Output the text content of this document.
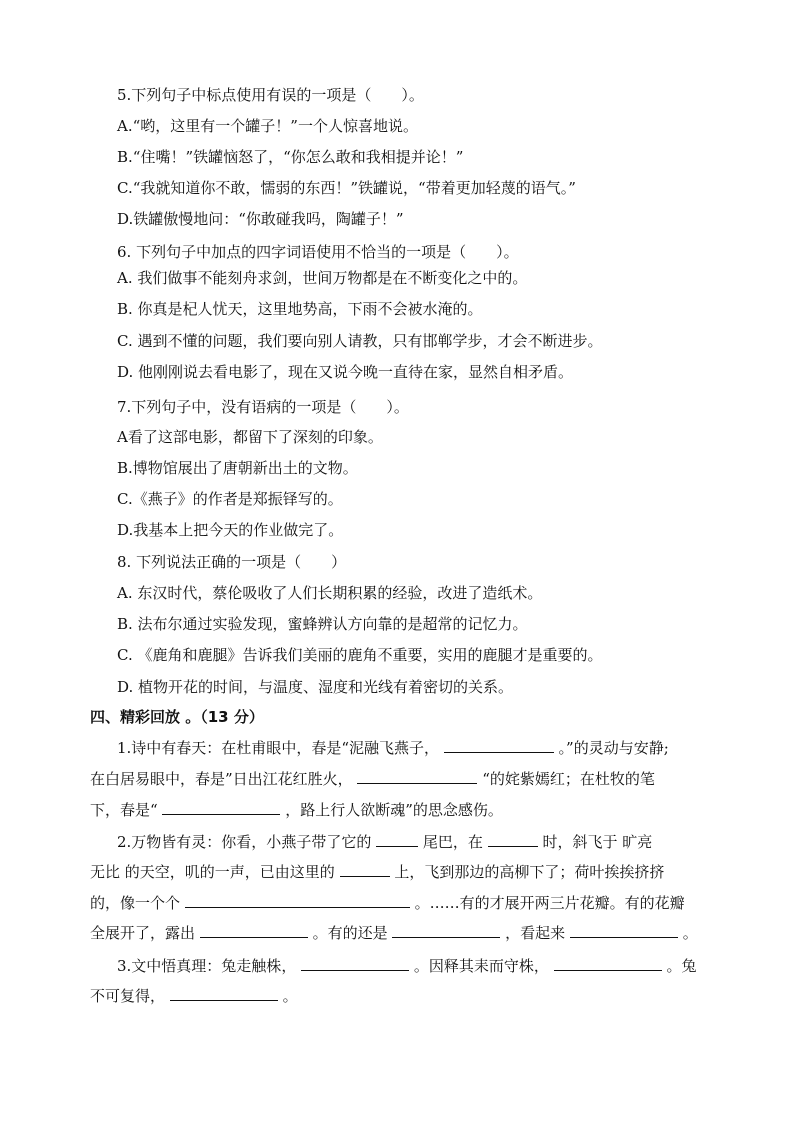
5.下列句子中标点使用有误的一项是（　　）。
A.“哟，这里有一个罐子！”一个人惊喜地说。
B.“住嘴！”铁罐恼怒了，“你怎么敢和我相提并论！”
C.“我就知道你不敢，懦弱的东西！”铁罐说，“带着更加轻蔑的语气。”
D.铁罐傲慢地问：“你敢碰我吗，陶罐子！”
6. 下列句子中加点的四字词语使用不恰当的一项是（　　）。
A. 我们做事不能刻舟求剑，世间万物都是在不断变化之中的。
B. 你真是杞人忧天，这里地势高，下雨不会被水淹的。
C. 遇到不懂的问题，我们要向别人请教，只有邯郸学步，才会不断进步。
D. 他刚刚说去看电影了，现在又说今晚一直待在家，显然自相矛盾。
7.下列句子中，没有语病的一项是（　　）。
A看了这部电影，都留下了深刻的印象。
B.博物馆展出了唐朝新出土的文物。
C.《燕子》的作者是郑振铎写的。
D.我基本上把今天的作业做完了。
8. 下列说法正确的一项是（　　）
A. 东汉时代，蔡伦吸收了人们长期积累的经验，改进了造纸术。
B. 法布尔通过实验发现，蜜蜂辨认方向靠的是超常的记忆力。
C. 《鹿角和鹿腿》告诉我们美丽的鹿角不重要，实用的鹿腿才是重要的。
D. 植物开花的时间，与温度、湿度和光线有着密切的关系。
四、精彩回放 。（13 分）
1.诗中有春天：在杜甫眼中，春是“泥融飞燕子，	。”的灵动与安静;
在白居易眼中，春是”日出江花红胜火，	“的姹紫嫣红；在杜牧的笔
下，春是“	，路上行人欲断魂”的思念感伤。
2.万物皆有灵：你看，小燕子带了它的	尾巴，在	时，斜飞于 旷亮
无比 的天空，叽的一声，已由这里的	上，飞到那边的高柳下了；荷叶挨挨挤挤
的，像一个个	。……有的才展开两三片花瓣。有的花瓣
全展开了，露出	。有的还是	，看起来	。
3.文中悟真理：兔走触株，	。因释其耒而守株，	。兔
不可复得，	。
